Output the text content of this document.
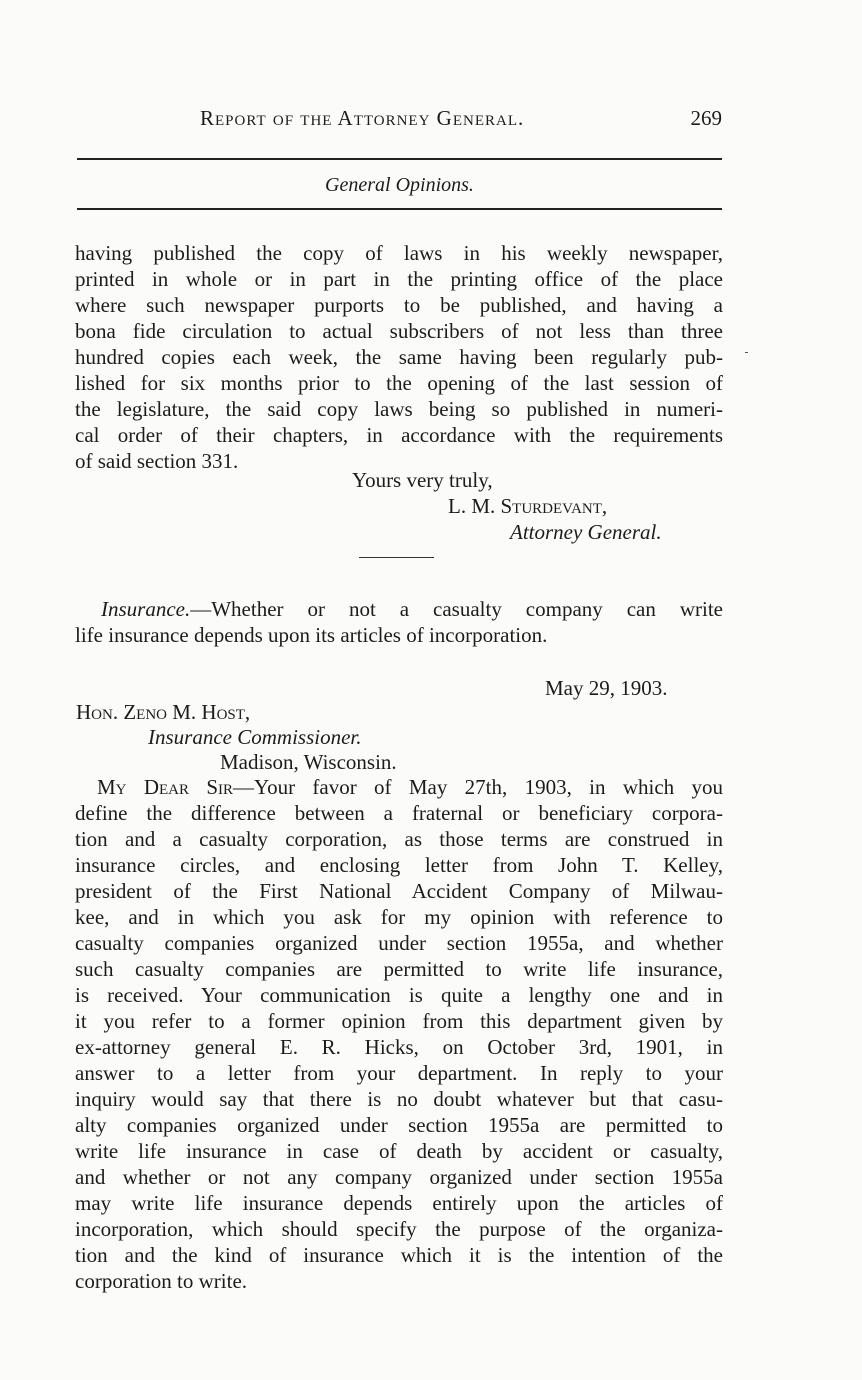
Report of the Attorney General.	269
General Opinions.
having published the copy of laws in his weekly newspaper,
printed in whole or in part in the printing office of the place
where such newspaper purports to be published, and having a
bona fide circulation to actual subscribers of not less than three
hundred copies each week, the same having been regularly pub-
lished for six months prior to the opening of the last session of
the legislature, the said copy laws being so published in numeri-
cal order of their chapters, in accordance with the requirements
of said section 331.
Yours very truly,
L. M. Sturdevant,
Attorney General.
Insurance.—Whether or not a casualty company can write
life insurance depends upon its articles of incorporation.
May 29, 1903.
Hon. Zeno M. Host,
Insurance Commissioner.
Madison, Wisconsin.
My Dear Sir—Your favor of May 27th, 1903, in which you
define the difference between a fraternal or beneficiary corpora-
tion and a casualty corporation, as those terms are construed in
insurance circles, and enclosing letter from John T. Kelley,
president of the First National Accident Company of Milwau-
kee, and in which you ask for my opinion with reference to
casualty companies organized under section 1955a, and whether
such casualty companies are permitted to write life insurance,
is received. Your communication is quite a lengthy one and in
it you refer to a former opinion from this department given by
ex-attorney general E. R. Hicks, on October 3rd, 1901, in
answer to a letter from your department. In reply to your
inquiry would say that there is no doubt whatever but that casu-
alty companies organized under section 1955a are permitted to
write life insurance in case of death by accident or casualty,
and whether or not any company organized under section 1955a
may write life insurance depends entirely upon the articles of
incorporation, which should specify the purpose of the organiza-
tion and the kind of insurance which it is the intention of the
corporation to write.
